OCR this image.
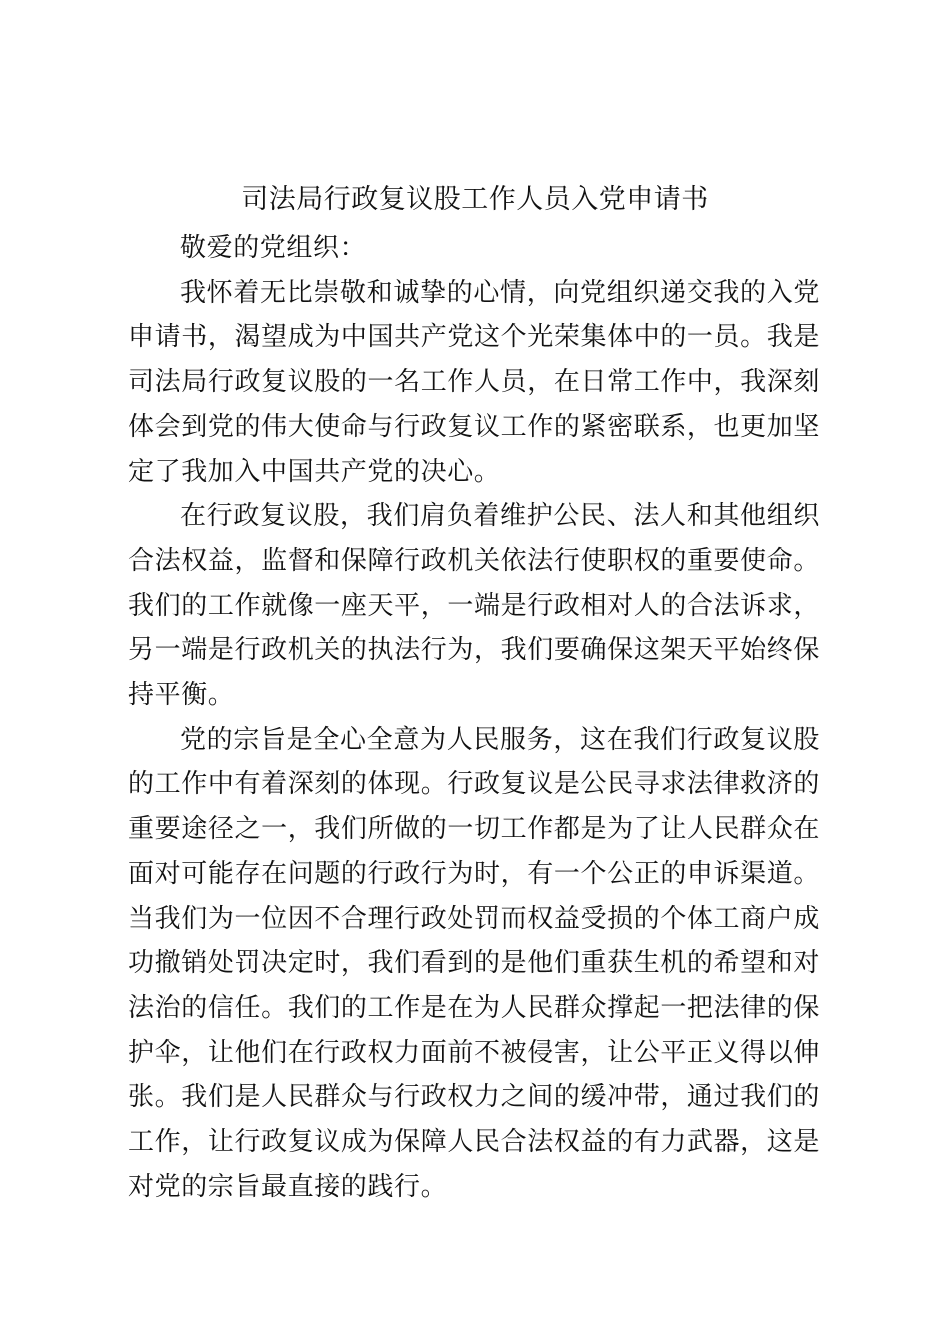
司法局行政复议股工作人员入党申请书

敬爱的党组织：

我怀着无比崇敬和诚挚的心情，向党组织递交我的入党申请书，渴望成为中国共产党这个光荣集体中的一员。我是司法局行政复议股的一名工作人员，在日常工作中，我深刻体会到党的伟大使命与行政复议工作的紧密联系，也更加坚定了我加入中国共产党的决心。

在行政复议股，我们肩负着维护公民、法人和其他组织合法权益，监督和保障行政机关依法行使职权的重要使命。我们的工作就像一座天平，一端是行政相对人的合法诉求，另一端是行政机关的执法行为，我们要确保这架天平始终保持平衡。

党的宗旨是全心全意为人民服务，这在我们行政复议股的工作中有着深刻的体现。行政复议是公民寻求法律救济的重要途径之一，我们所做的一切工作都是为了让人民群众在面对可能存在问题的行政行为时，有一个公正的申诉渠道。当我们为一位因不合理行政处罚而权益受损的个体工商户成功撤销处罚决定时，我们看到的是他们重获生机的希望和对法治的信任。我们的工作是在为人民群众撑起一把法律的保护伞，让他们在行政权力面前不被侵害，让公平正义得以伸张。我们是人民群众与行政权力之间的缓冲带，通过我们的工作，让行政复议成为保障人民合法权益的有力武器，这是对党的宗旨最直接的践行。
